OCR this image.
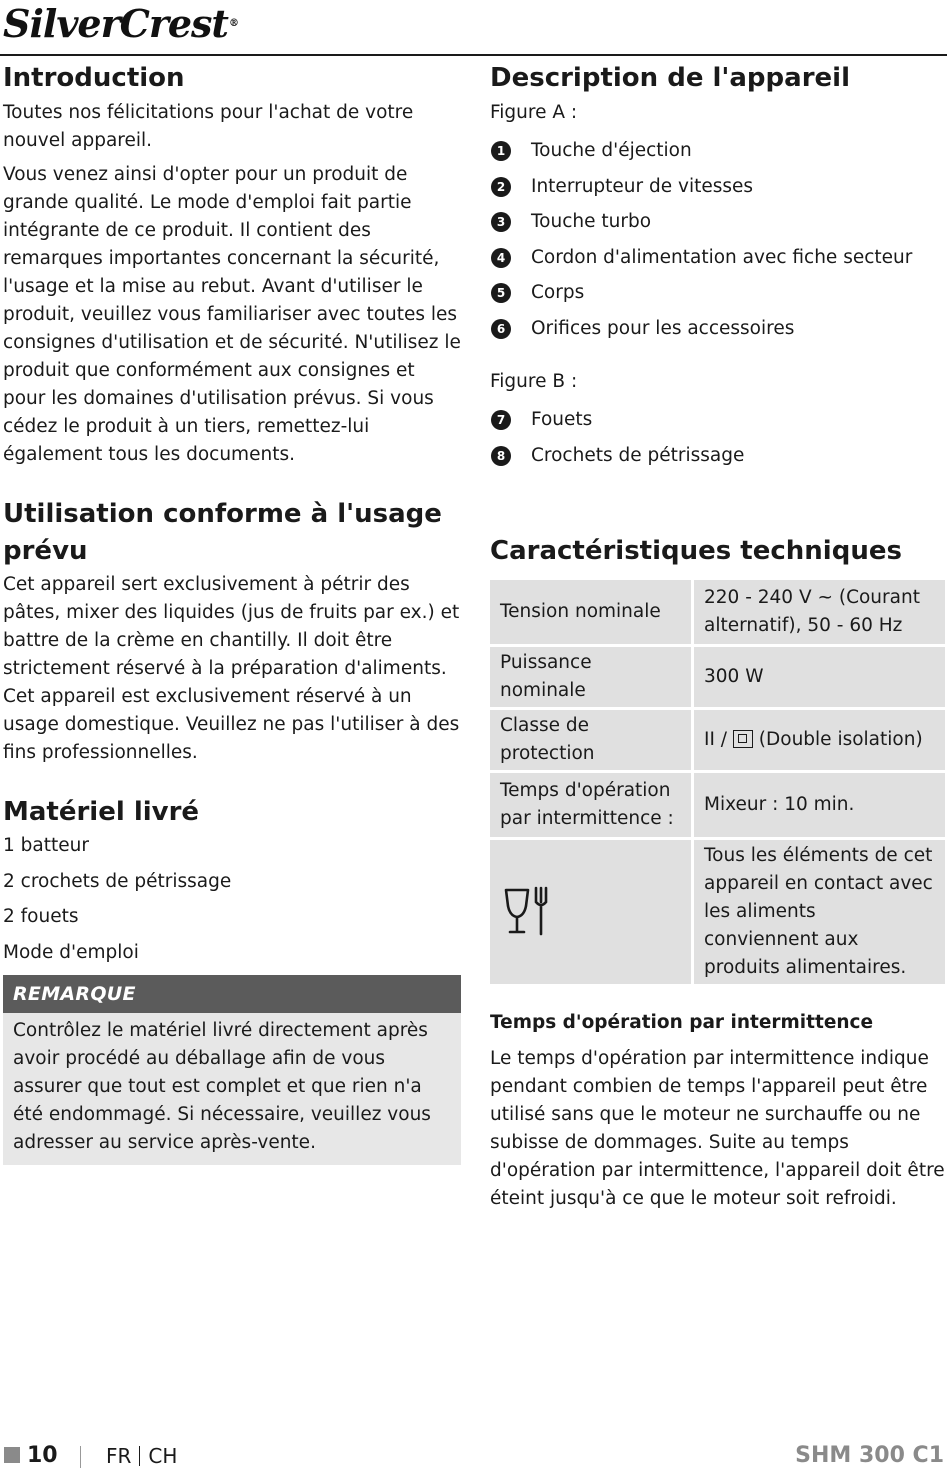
SilverCrest®
Introduction

Toutes nos félicitations pour l'achat de votre nouvel appareil.

Vous venez ainsi d'opter pour un produit de grande qualité. Le mode d'emploi fait partie intégrante de ce produit. Il contient des remarques importantes concernant la sécurité, l'usage et la mise au rebut. Avant d'utiliser le produit, veuillez vous familiariser avec toutes les consignes d'utilisation et de sécurité. N'utilisez le produit que conformément aux consignes et pour les domaines d'utilisation prévus. Si vous cédez le produit à un tiers, remettez-lui également tous les documents.

Utilisation conforme à l'usage prévu

Cet appareil sert exclusivement à pétrir des pâtes, mixer des liquides (jus de fruits par ex.) et battre de la crème en chantilly. Il doit être strictement réservé à la préparation d'aliments. Cet appareil est exclusivement réservé à un usage domestique. Veuillez ne pas l'utiliser à des fins professionnelles.

Matériel livré
1 batteur
2 crochets de pétrissage
2 fouets
Mode d'emploi
REMARQUE

Contrôlez le matériel livré directement après avoir procédé au déballage afin de vous assurer que tout est complet et que rien n'a été endommagé. Si nécessaire, veuillez vous adresser au service après-vente.

Description de l'appareil

Figure A :

1	Touche d'éjection
2	Interrupteur de vitesses
3	Touche turbo
4	Cordon d'alimentation avec fiche secteur
5	Corps
6	Orifices pour les accessoires

Figure B :

7	Fouets
8	Crochets de pétrissage
Caractéristiques techniques
Tension nominale	220 - 240 V ~ (Courant alternatif), 50 - 60 Hz
Puissance nominale	300 W
Classe de protection	II /  (Double isolation)
Temps d'opération par intermittence :	Mixeur : 10 min.

	Tous les éléments de cet appareil en contact avec les aliments conviennent aux produits alimentaires.
Temps d'opération par intermittence

Le temps d'opération par intermittence indique pendant combien de temps l'appareil peut être utilisé sans que le moteur ne surchauffe ou ne subisse de dommages. Suite au temps d'opération par intermittence, l'appareil doit être éteint jusqu'à ce que le moteur soit refroidi.

10 FR CH	SHM 300 C1
